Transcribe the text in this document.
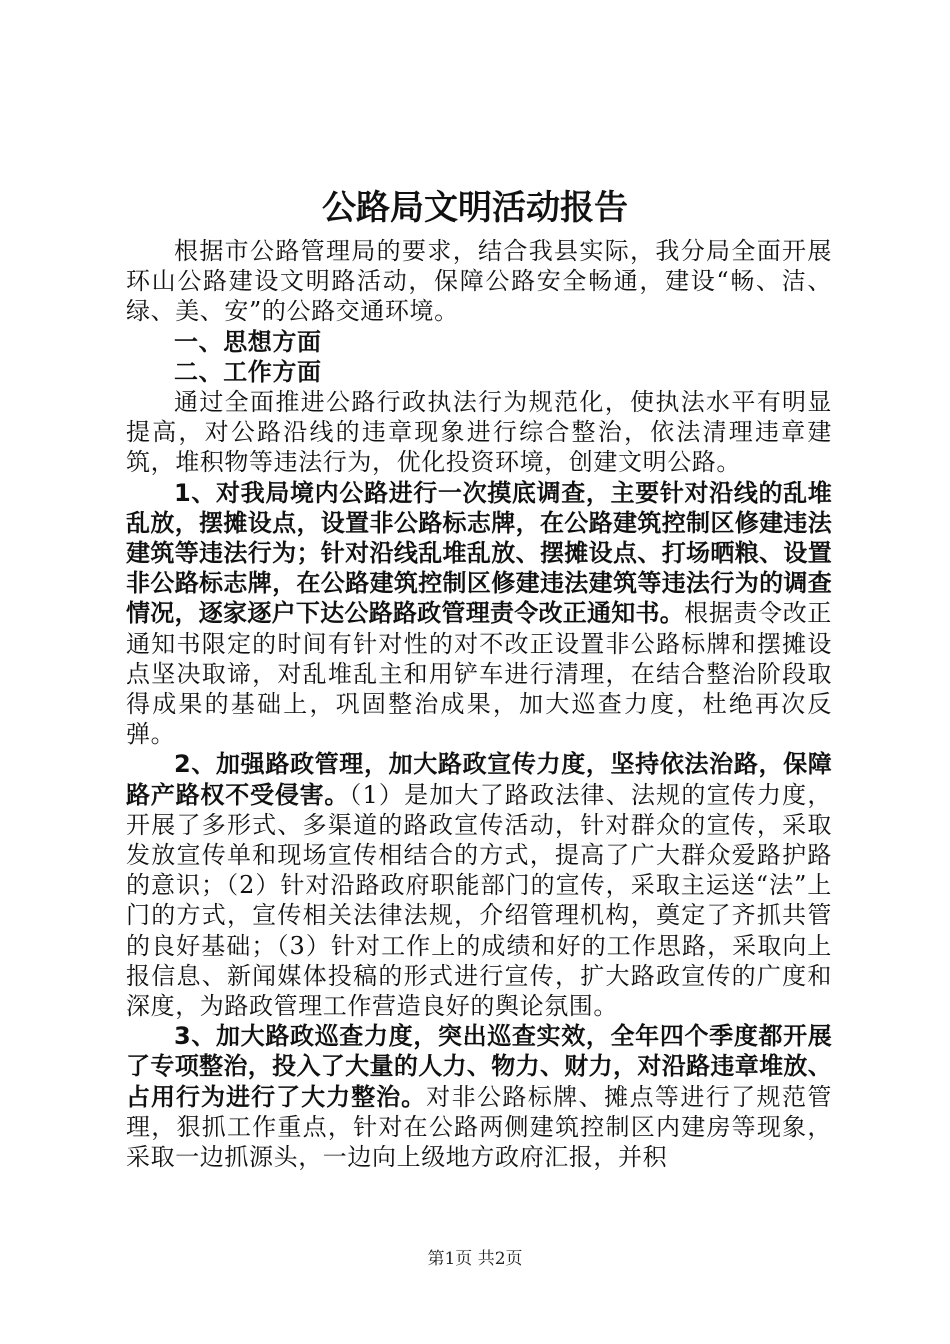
公路局文明活动报告

根据市公路管理局的要求，结合我县实际，我分局全面开展环山公路建设文明路活动，保障公路安全畅通，建设“畅、洁、绿、美、安”的公路交通环境。

一、思想方面

二、工作方面

通过全面推进公路行政执法行为规范化，使执法水平有明显提高，对公路沿线的违章现象进行综合整治，依法清理违章建筑，堆积物等违法行为，优化投资环境，创建文明公路。

1、对我局境内公路进行一次摸底调查，主要针对沿线的乱堆乱放，摆摊设点，设置非公路标志牌，在公路建筑控制区修建违法建筑等违法行为；针对沿线乱堆乱放、摆摊设点、打场晒粮、设置非公路标志牌，在公路建筑控制区修建违法建筑等违法行为的调查情况，逐家逐户下达公路路政管理责令改正通知书。根据责令改正通知书限定的时间有针对性的对不改正设置非公路标牌和摆摊设点坚决取谛，对乱堆乱主和用铲车进行清理，在结合整治阶段取得成果的基础上，巩固整治成果，加大巡查力度，杜绝再次反弹。

2、加强路政管理，加大路政宣传力度，坚持依法治路，保障路产路权不受侵害。（1）是加大了路政法律、法规的宣传力度，开展了多形式、多渠道的路政宣传活动，针对群众的宣传，采取发放宣传单和现场宣传相结合的方式，提高了广大群众爱路护路的意识；（2）针对沿路政府职能部门的宣传，采取主运送“法”上门的方式，宣传相关法律法规，介绍管理机构，奠定了齐抓共管的良好基础；（3）针对工作上的成绩和好的工作思路，采取向上报信息、新闻媒体投稿的形式进行宣传，扩大路政宣传的广度和深度，为路政管理工作营造良好的舆论氛围。

3、加大路政巡查力度，突出巡查实效，全年四个季度都开展了专项整治，投入了大量的人力、物力、财力，对沿路违章堆放、占用行为进行了大力整治。对非公路标牌、摊点等进行了规范管理，狠抓工作重点，针对在公路两侧建筑控制区内建房等现象，采取一边抓源头，一边向上级地方政府汇报，并积

第1页 共2页
